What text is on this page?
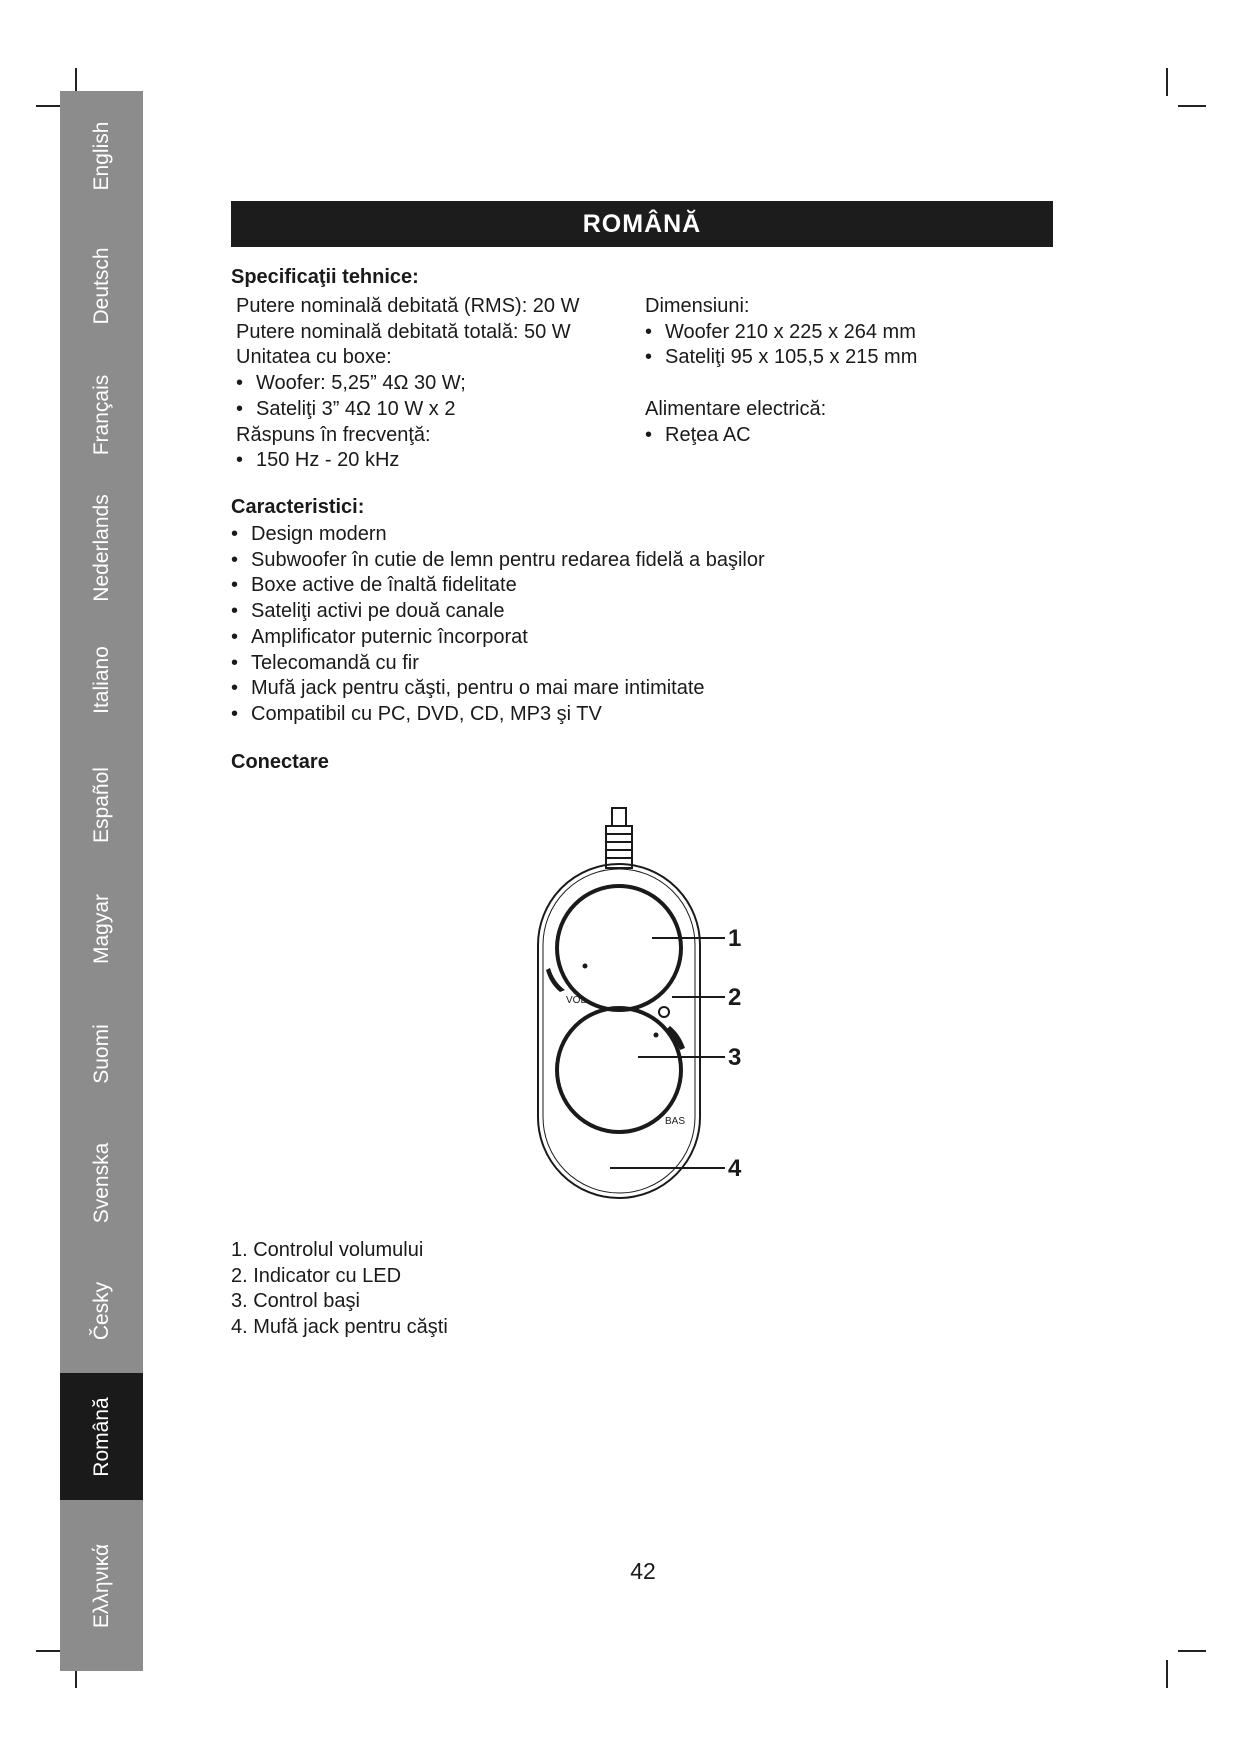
English
Deutsch
Français
Nederlands
Italiano
Español
Magyar
Suomi
Svenska
Česky
Română
Ελληνικά
ROMÂNĂ
Specificaţii tehnice:
Putere nominală debitată (RMS): 20 W
Putere nominală debitată totală: 50 W
Unitatea cu boxe:
• Woofer: 5,25” 4Ω 30 W;
• Sateliţi 3” 4Ω 10 W x 2
Răspuns în frecvenţă:
• 150 Hz - 20 kHz
Dimensiuni:
• Woofer 210 x 225 x 264 mm
• Sateliţi 95 x 105,5 x 215 mm
Alimentare electrică:
• Reţea AC
Caracteristici:
• Design modern
• Subwoofer în cutie de lemn pentru redarea fidelă a başilor
• Boxe active de înaltă fidelitate
• Sateliţi activi pe două canale
• Amplificator puternic încorporat
• Telecomandă cu fir
• Mufă jack pentru căşti, pentru o mai mare intimitate
• Compatibil cu PC, DVD, CD, MP3 şi TV
Conectare
VOL
BAS
1
2
3
4
1. Controlul volumului
2. Indicator cu LED
3. Control başi
4. Mufă jack pentru căşti
42
